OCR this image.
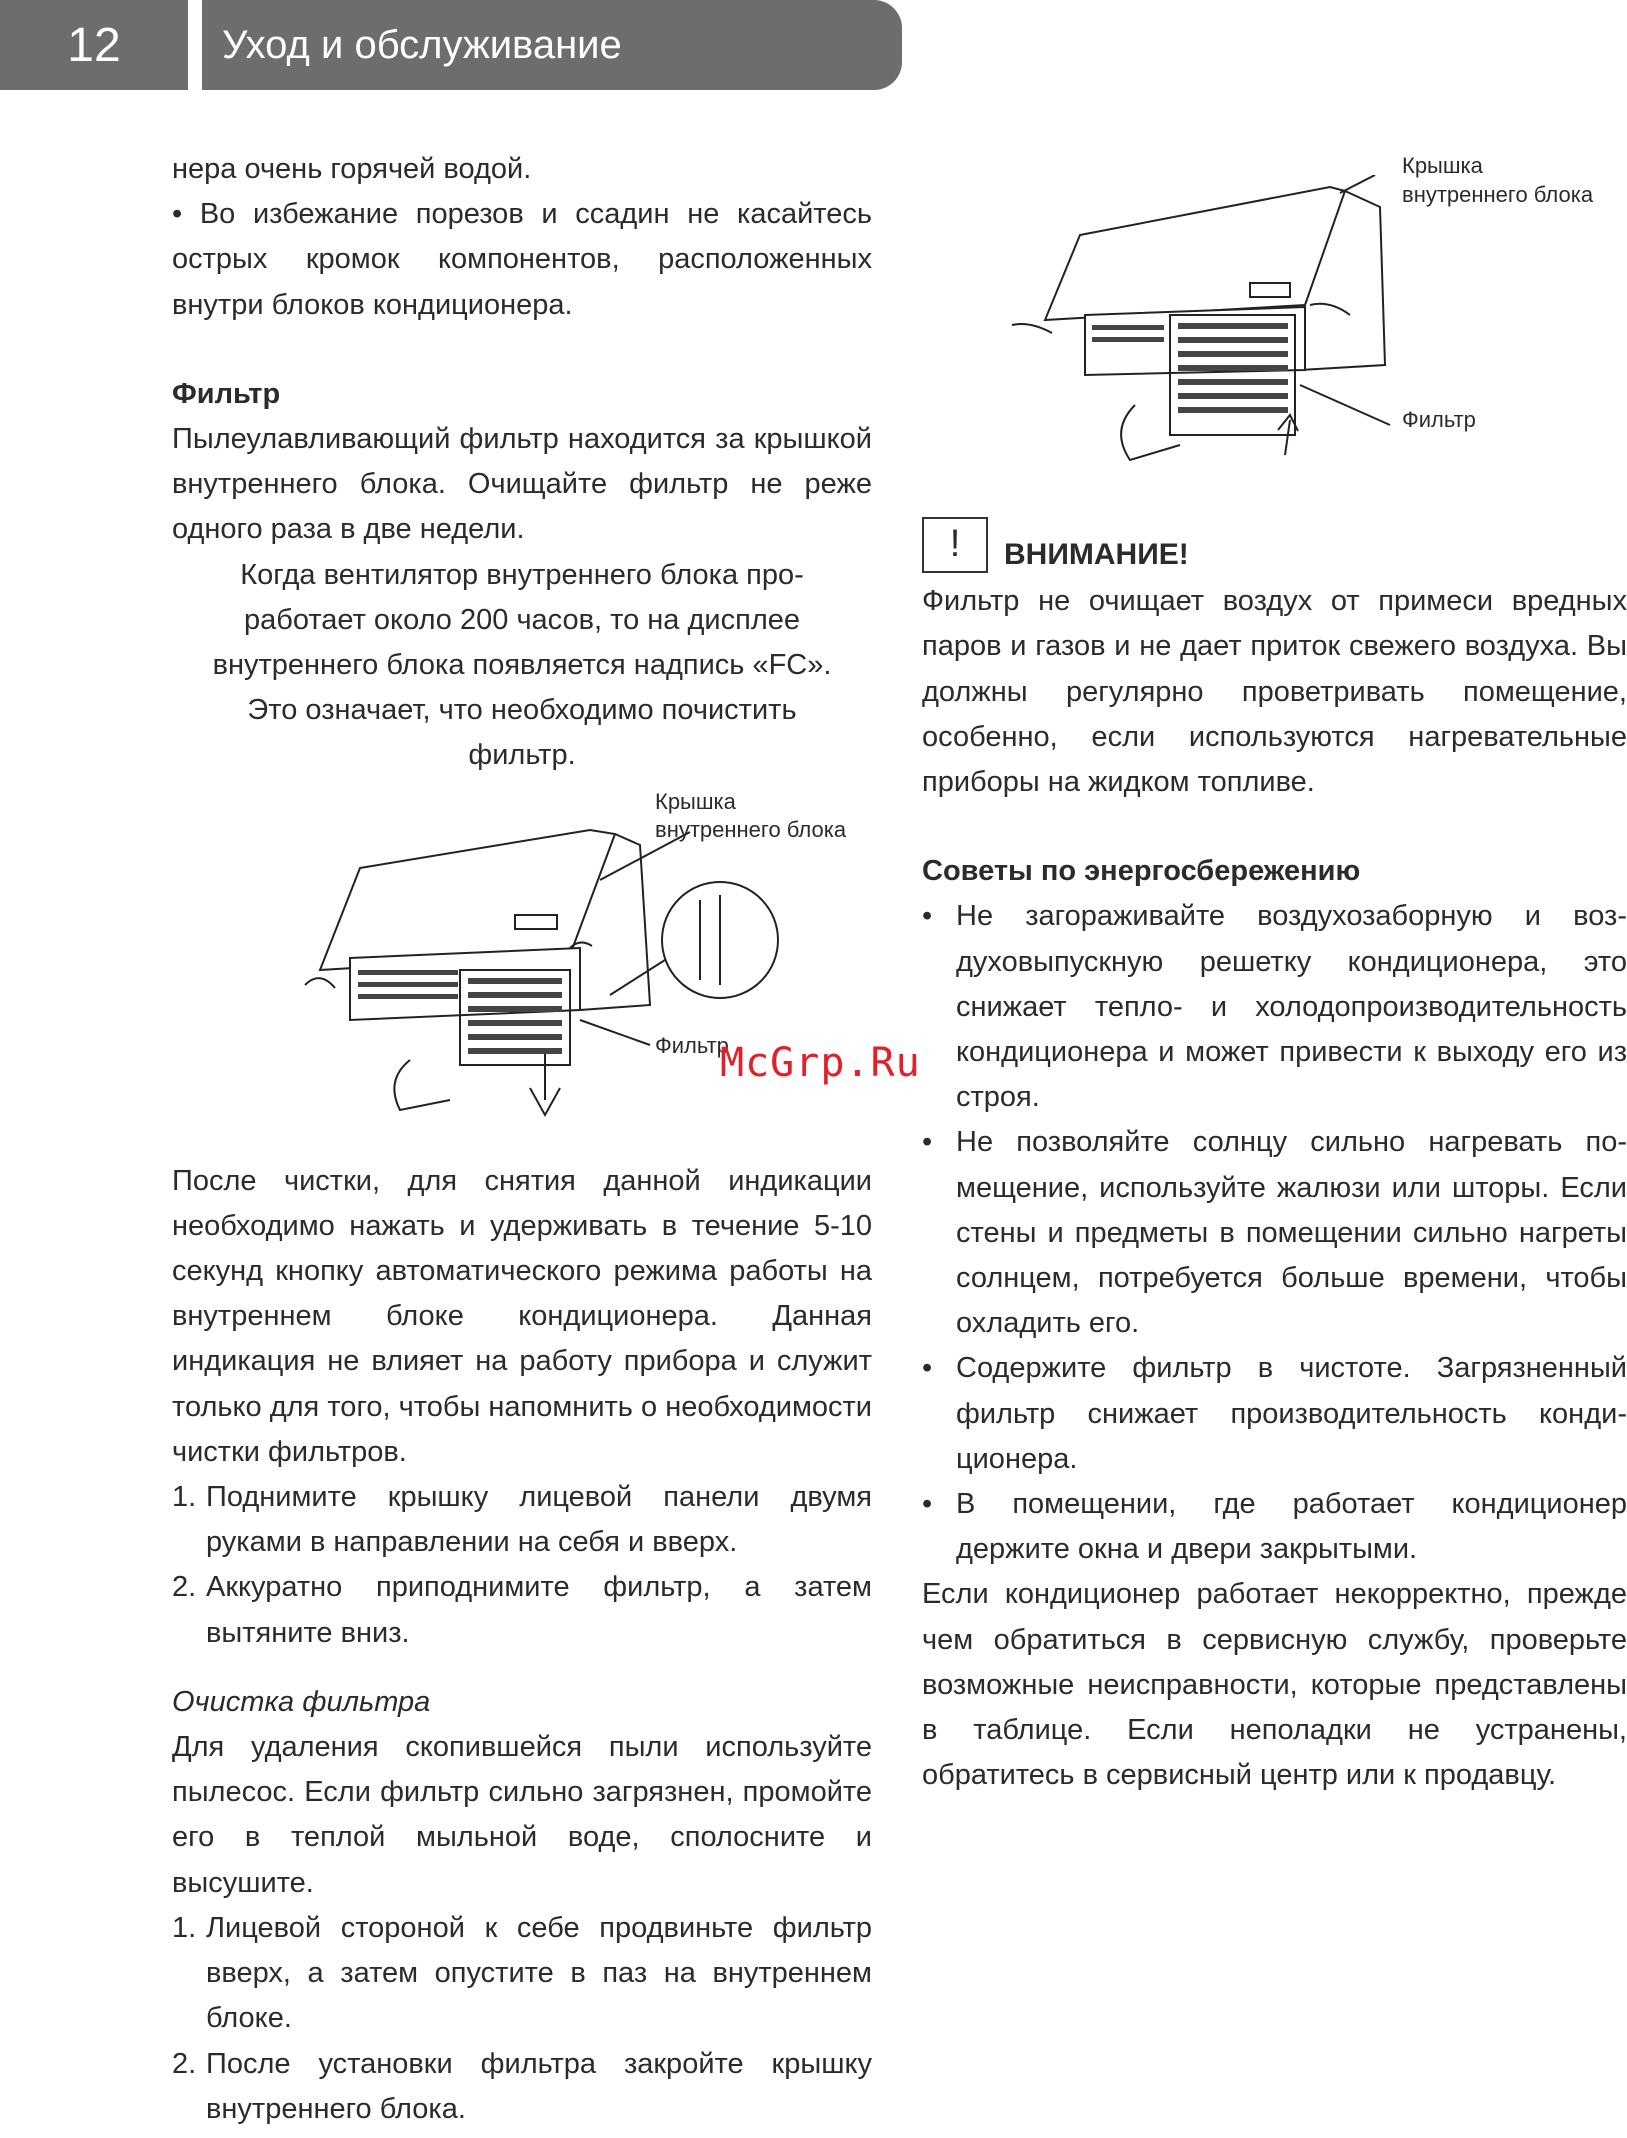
12	Уход и обслуживание

нера очень горячей водой.

• Во избежание порезов и ссадин не касайтесь острых кромок компонентов, расположенных внутри блоков кондиционера.

Фильтр

Пылеулавливающий фильтр находится за крышкой внутреннего блока. Очищайте фильтр не реже одного раза в две недели.

Когда вентилятор внутреннего блока про-

работает около 200 часов, то на дисплее

внутреннего блока появляется надпись «FC».

Это означает, что необходимо почистить

фильтр.

После чистки, для снятия данной индикации необходимо нажать и удерживать в течение 5-10 секунд кнопку автоматического режима работы на внутреннем блоке кондиционера. Данная индикация не влияет на работу прибора и служит только для того, чтобы напомнить о необходимости чистки фильтров.

1. Поднимите крышку лицевой панели двумя руками в направлении на себя и вверх.
2. Аккуратно приподнимите фильтр, а затем вытяните вниз.

Очистка фильтра

Для удаления скопившейся пыли используйте пылесос. Если фильтр сильно загрязнен, промойте его в теплой мыльной воде, сполосните и высушите.

1. Лицевой стороной к себе продвиньте фильтр вверх, а затем опустите в паз на внутреннем блоке.
2. После установки фильтра закройте крышку внутреннего блока.
Крышка
внутреннего блока
Фильтр
Крышка
внутреннего блока
Фильтр
!	ВНИМАНИЕ!

Фильтр не очищает воздух от примеси вредных паров и газов и не дает приток свежего воздуха. Вы должны регулярно проветривать помещение, особенно, если используются нагревательные приборы на жидком топливе.

Советы по энергосбережению

• Не загораживайте воздухозаборную и воздуховыпускную решетку кондиционера, это снижает тепло- и холодопроизводительность кондиционера и может привести к выходу его из строя.
• Не позволяйте солнцу сильно нагревать помещение, используйте жалюзи или шторы. Если стены и предметы в помещении сильно нагреты солнцем, потребуется больше времени, чтобы охладить его.
• Содержите фильтр в чистоте. Загрязненный фильтр снижает производительность кондиционера.
• В помещении, где работает кондиционер держите окна и двери закрытыми.

Если кондиционер работает некорректно, прежде чем обратиться в сервисную службу, проверьте возможные неисправности, которые представлены в таблице. Если неполадки не устранены, обратитесь в сервисный центр или к продавцу.

McGrp.Ru
